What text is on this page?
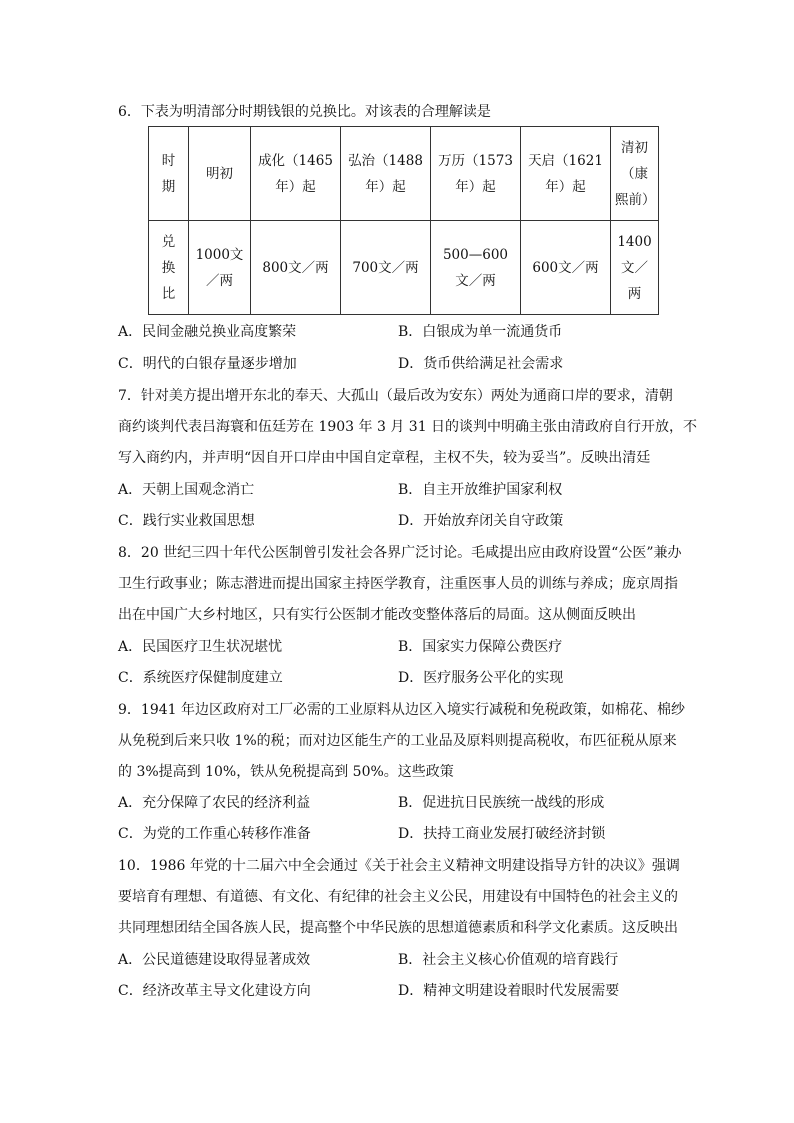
6．下表为明清部分时期钱银的兑换比。对该表的合理解读是
时期	明初	成化（1465年）起	弘治（1488年）起	万历（1573年）起	天启（1621年）起	清初（康熙前）
兑换比	1000文／两	800文／两	700文／两	500—600文／两	600文／两	1400文／两
A．民间金融兑换业高度繁荣	B．白银成为单一流通货币
C．明代的白银存量逐步增加	D．货币供给满足社会需求
7．针对美方提出增开东北的奉天、大孤山（最后改为安东）两处为通商口岸的要求，清朝
商约谈判代表吕海寰和伍廷芳在 1903 年 3 月 31 日的谈判中明确主张由清政府自行开放，不
写入商约内，并声明“因自开口岸由中国自定章程，主权不失，较为妥当”。反映出清廷
A．天朝上国观念消亡	B．自主开放维护国家利权
C．践行实业救国思想	D．开始放弃闭关自守政策
8．20 世纪三四十年代公医制曾引发社会各界广泛讨论。毛咸提出应由政府设置“公医”兼办
卫生行政事业；陈志潜进而提出国家主持医学教育，注重医事人员的训练与养成；庞京周指
出在中国广大乡村地区，只有实行公医制才能改变整体落后的局面。这从侧面反映出
A．民国医疗卫生状况堪忧	B．国家实力保障公费医疗
C．系统医疗保健制度建立	D．医疗服务公平化的实现
9．1941 年边区政府对工厂必需的工业原料从边区入境实行减税和免税政策，如棉花、棉纱
从免税到后来只收 1%的税；而对边区能生产的工业品及原料则提高税收，布匹征税从原来
的 3%提高到 10%，铁从免税提高到 50%。这些政策
A．充分保障了农民的经济利益	B．促进抗日民族统一战线的形成
C．为党的工作重心转移作准备	D．扶持工商业发展打破经济封锁
10．1986 年党的十二届六中全会通过《关于社会主义精神文明建设指导方针的决议》强调
要培育有理想、有道德、有文化、有纪律的社会主义公民，用建设有中国特色的社会主义的
共同理想团结全国各族人民，提高整个中华民族的思想道德素质和科学文化素质。这反映出
A．公民道德建设取得显著成效	B．社会主义核心价值观的培育践行
C．经济改革主导文化建设方向	D．精神文明建设着眼时代发展需要
